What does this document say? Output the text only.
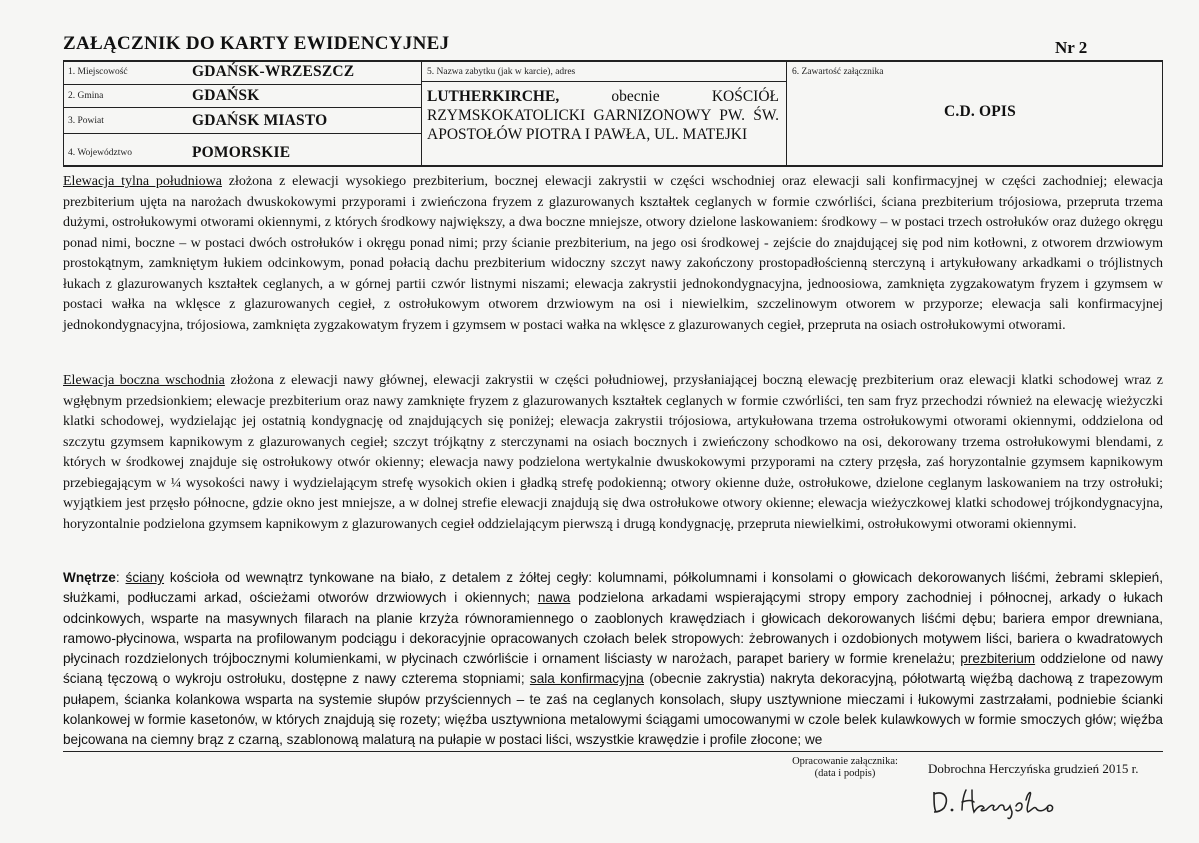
ZAŁĄCZNIK DO KARTY EWIDENCYJNEJ	Nr 2
1. Miejscowość	GDAŃSK-WRZESZCZ
2. Gmina	GDAŃSK
3. Powiat	GDAŃSK MIASTO
4. Województwo	POMORSKIE
5. Nazwa zabytku (jak w karcie), adres
LUTHERKIRCHE,	obecnie	KOŚCIÓŁ
RZYMSKOKATOLICKI GARNIZONOWY PW. ŚW. APOSTOŁÓW PIOTRA I PAWŁA, UL. MATEJKI
6. Zawartość załącznika
C.D. OPIS
Elewacja tylna południowa złożona z elewacji wysokiego prezbiterium, bocznej elewacji zakrystii w części wschodniej oraz elewacji sali konfirmacyjnej w części zachodniej; elewacja prezbiterium ujęta na narożach dwuskokowymi przyporami i zwieńczona fryzem z glazurowanych kształtek ceglanych w formie czwórliści, ściana prezbiterium trójosiowa, przepruta trzema dużymi, ostrołukowymi otworami okiennymi, z których środkowy największy, a dwa boczne mniejsze, otwory dzielone laskowaniem: środkowy – w postaci trzech ostrołuków oraz dużego okręgu ponad nimi, boczne – w postaci dwóch ostrołuków i okręgu ponad nimi; przy ścianie prezbiterium, na jego osi środkowej - zejście do znajdującej się pod nim kotłowni, z otworem drzwiowym prostokątnym, zamkniętym łukiem odcinkowym, ponad połacią dachu prezbiterium widoczny szczyt nawy zakończony prostopadłościenną sterczyną i artykułowany arkadkami o trójlistnych łukach z glazurowanych kształtek ceglanych, a w górnej partii czwór listnymi niszami; elewacja zakrystii jednokondygnacyjna, jednoosiowa, zamknięta zygzakowatym fryzem i gzymsem w postaci wałka na wklęsce z glazurowanych cegieł, z ostrołukowym otworem drzwiowym na osi i niewielkim, szczelinowym otworem w przyporze; elewacja sali konfirmacyjnej jednokondygnacyjna, trójosiowa, zamknięta zygzakowatym fryzem i gzymsem w postaci wałka na wklęsce z glazurowanych cegieł, przepruta na osiach ostrołukowymi otworami.
Elewacja boczna wschodnia złożona z elewacji nawy głównej, elewacji zakrystii w części południowej, przysłaniającej boczną elewację prezbiterium oraz elewacji klatki schodowej wraz z wgłębnym przedsionkiem; elewacje prezbiterium oraz nawy zamknięte fryzem z glazurowanych kształtek ceglanych w formie czwórliści, ten sam fryz przechodzi również na elewację wieżyczki klatki schodowej, wydzielając jej ostatnią kondygnację od znajdujących się poniżej; elewacja zakrystii trójosiowa, artykułowana trzema ostrołukowymi otworami okiennymi, oddzielona od szczytu gzymsem kapnikowym z glazurowanych cegieł; szczyt trójkątny z sterczynami na osiach bocznych i zwieńczony schodkowo na osi, dekorowany trzema ostrołukowymi blendami, z których w środkowej znajduje się ostrołukowy otwór okienny; elewacja nawy podzielona wertykalnie dwuskokowymi przyporami na cztery przęsła, zaś horyzontalnie gzymsem kapnikowym przebiegającym w ¼ wysokości nawy i wydzielającym strefę wysokich okien i gładką strefę podokienną; otwory okienne duże, ostrołukowe, dzielone ceglanym laskowaniem na trzy ostrołuki; wyjątkiem jest przęsło północne, gdzie okno jest mniejsze, a w dolnej strefie elewacji znajdują się dwa ostrołukowe otwory okienne; elewacja wieżyczkowej klatki schodowej trójkondygnacyjna, horyzontalnie podzielona gzymsem kapnikowym z glazurowanych cegieł oddzielającym pierwszą i drugą kondygnację, przepruta niewielkimi, ostrołukowymi otworami okiennymi.
Wnętrze: ściany kościoła od wewnątrz tynkowane na biało, z detalem z żółtej cegły: kolumnami, półkolumnami i konsolami o głowicach dekorowanych liśćmi, żebrami sklepień, służkami, podłuczami arkad, ościeżami otworów drzwiowych i okiennych; nawa podzielona arkadami wspierającymi stropy empory zachodniej i północnej, arkady o łukach odcinkowych, wsparte na masywnych filarach na planie krzyża równoramiennego o zaoblonych krawędziach i głowicach dekorowanych liśćmi dębu; bariera empor drewniana, ramowo-płycinowa, wsparta na profilowanym podciągu i dekoracyjnie opracowanych czołach belek stropowych: żebrowanych i ozdobionych motywem liści, bariera o kwadratowych płycinach rozdzielonych trójbocznymi kolumienkami, w płycinach czwórliście i ornament liściasty w narożach, parapet bariery w formie krenelażu; prezbiterium oddzielone od nawy ścianą tęczową o wykroju ostrołuku, dostępne z nawy czterema stopniami; sala konfirmacyjna (obecnie zakrystia) nakryta dekoracyjną, półotwartą więźbą dachową z trapezowym pułapem, ścianka kolankowa wsparta na systemie słupów przyściennych – te zaś na ceglanych konsolach, słupy usztywnione mieczami i łukowymi zastrzałami, podniebie ścianki kolankowej w formie kasetonów, w których znajdują się rozety; więźba usztywniona metalowymi ściągami umocowanymi w czole belek kulawkowych w formie smoczych głów; więźba bejcowana na ciemny brąz z czarną, szablonową malaturą na pułapie w postaci liści, wszystkie krawędzie i profile złocone; we
Opracowanie załącznika:
(data i podpis)	Dobrochna Herczyńska grudzień 2015 r.
